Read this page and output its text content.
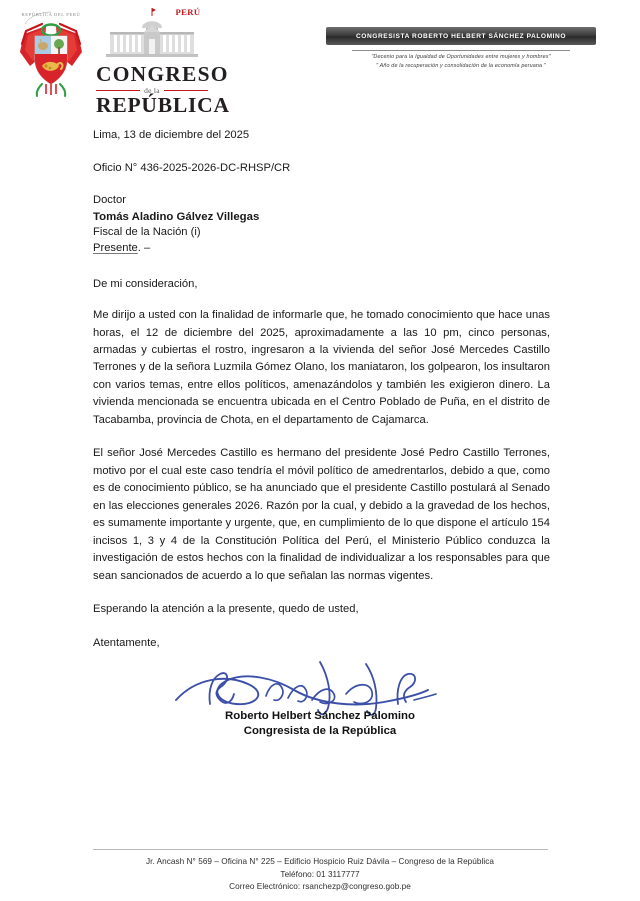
REPÚBLICA DEL PERÚ	PERÚ
CONGRESO
de la
REPÚBLICA
CONGRESISTA ROBERTO HELBERT SÁNCHEZ PALOMINO
"Decenio para la Igualdad de Oportunidades entre mujeres y hombres"
" Año de la recuperación y consolidación de la economía peruana "
Lima, 13 de diciembre del 2025
Oficio N° 436-2025-2026-DC-RHSP/CR
Doctor
Tomás Aladino Gálvez Villegas
Fiscal de la Nación (i)
Presente. –
De mi consideración,
Me dirijo a usted con la finalidad de informarle que, he tomado conocimiento que hace unas horas, el 12 de diciembre del 2025, aproximadamente a las 10 pm, cinco personas, armadas y cubiertas el rostro, ingresaron a la vivienda del señor José Mercedes Castillo Terrones y de la señora Luzmila Gómez Olano, los maniataron, los golpearon, los insultaron con varios temas, entre ellos políticos, amenazándolos y también les exigieron dinero. La vivienda mencionada se encuentra ubicada en el Centro Poblado de Puña, en el distrito de Tacabamba, provincia de Chota, en el departamento de Cajamarca.
El señor José Mercedes Castillo es hermano del presidente José Pedro Castillo Terrones, motivo por el cual este caso tendría el móvil político de amedrentarlos, debido a que, como es de conocimiento público, se ha anunciado que el presidente Castillo postulará al Senado en las elecciones generales 2026. Razón por la cual, y debido a la gravedad de los hechos, es sumamente importante y urgente, que, en cumplimiento de lo que dispone el artículo 154 incisos 1, 3 y 4 de la Constitución Política del Perú, el Ministerio Público conduzca la investigación de estos hechos con la finalidad de individualizar a los responsables para que sean sancionados de acuerdo a lo que señalan las normas vigentes.
Esperando la atención a la presente, quedo de usted,
Atentamente,
Roberto Helbert Sánchez Palomino
Congresista de la República
Jr. Ancash N° 569 – Oficina N° 225 – Edificio Hospicio Ruiz Dávila – Congreso de la República
Teléfono: 01 3117777
Correo Electrónico: rsanchezp@congreso.gob.pe
